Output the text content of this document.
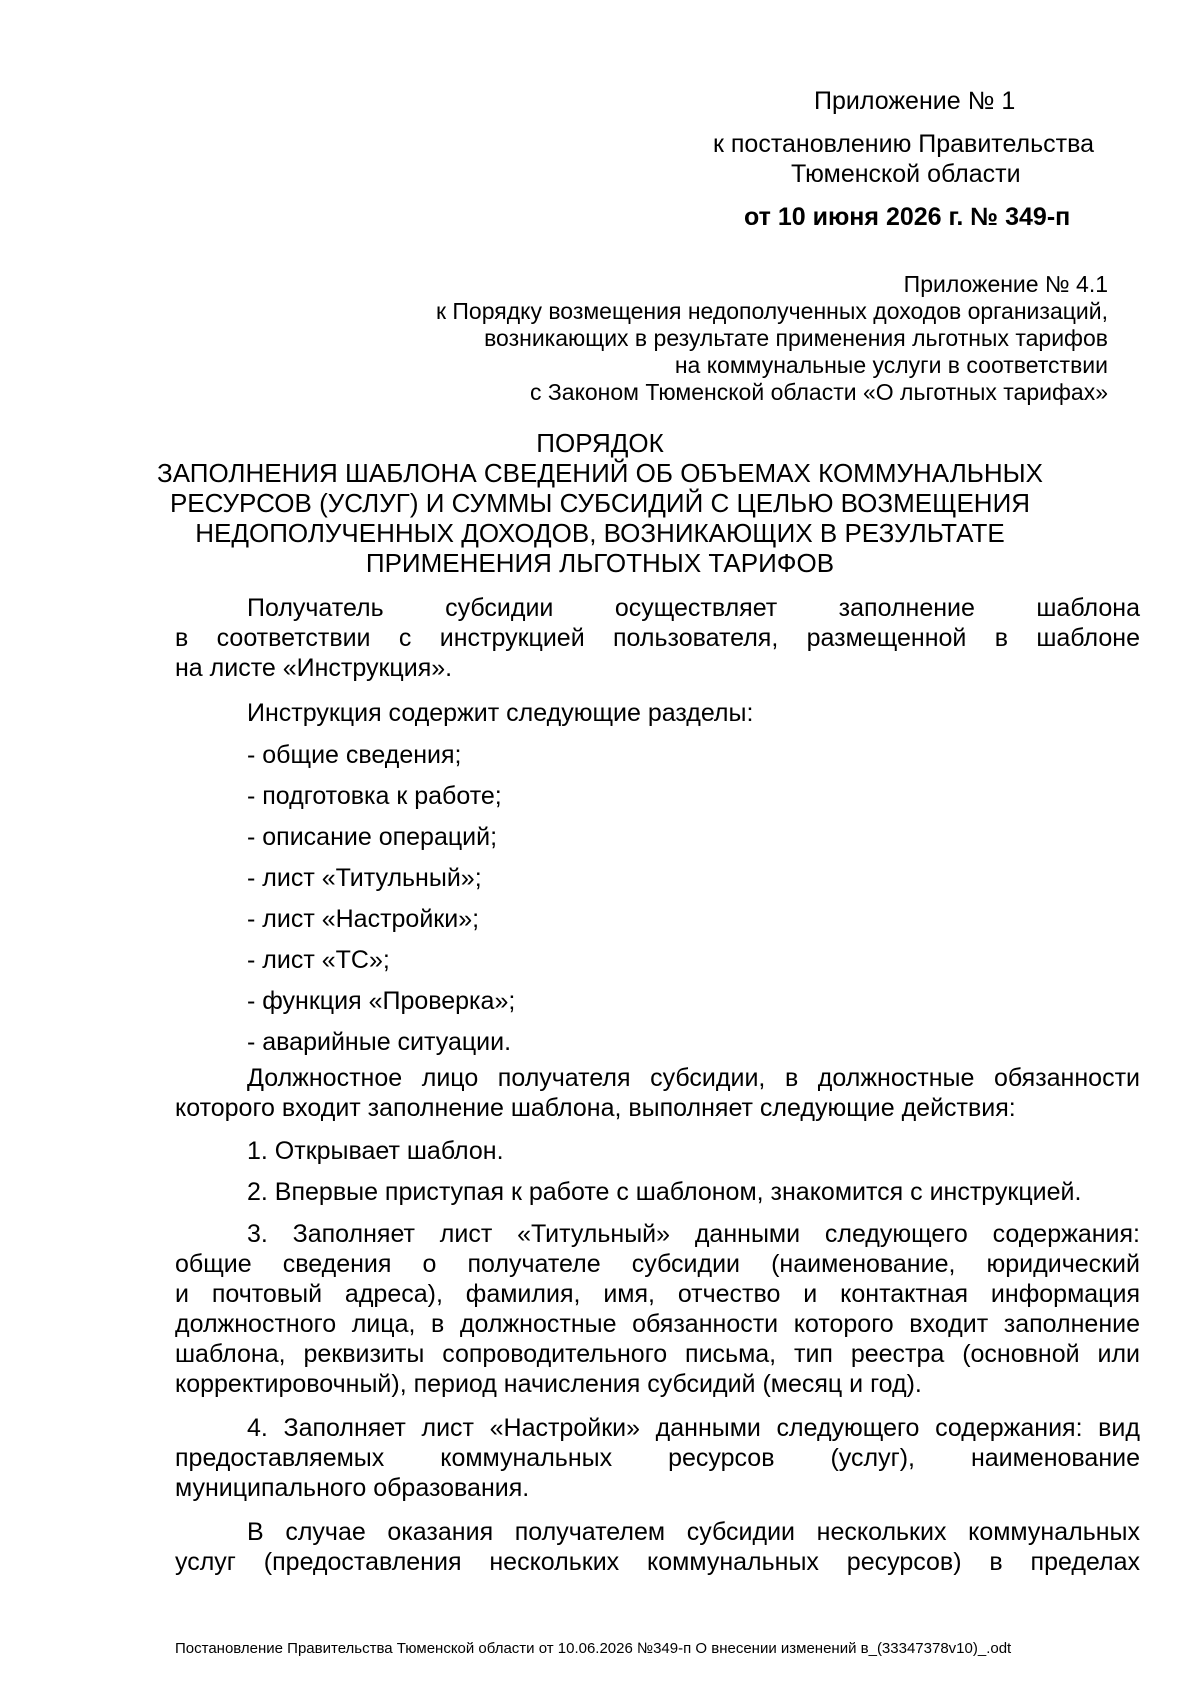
Приложение № 1
к постановлению Правительства
Тюменской области
от 10 июня 2026 г. № 349-п
Приложение № 4.1
к Порядку возмещения недополученных доходов организаций,
возникающих в результате применения льготных тарифов
на коммунальные услуги в соответствии
с Законом Тюменской области «О льготных тарифах»
ПОРЯДОК
ЗАПОЛНЕНИЯ ШАБЛОНА СВЕДЕНИЙ ОБ ОБЪЕМАХ КОММУНАЛЬНЫХ
РЕСУРСОВ (УСЛУГ) И СУММЫ СУБСИДИЙ С ЦЕЛЬЮ ВОЗМЕЩЕНИЯ
НЕДОПОЛУЧЕННЫХ ДОХОДОВ, ВОЗНИКАЮЩИХ В РЕЗУЛЬТАТЕ
ПРИМЕНЕНИЯ ЛЬГОТНЫХ ТАРИФОВ
Получатель субсидии осуществляет заполнение шаблона
в соответствии с инструкцией пользователя, размещенной в шаблоне
на листе «Инструкция».
Инструкция содержит следующие разделы:
- общие сведения;
- подготовка к работе;
- описание операций;
- лист «Титульный»;
- лист «Настройки»;
- лист «ТС»;
- функция «Проверка»;
- аварийные ситуации.
Должностное лицо получателя субсидии, в должностные обязанности
которого входит заполнение шаблона, выполняет следующие действия:
1. Открывает шаблон.
2. Впервые приступая к работе с шаблоном, знакомится с инструкцией.
3. Заполняет лист «Титульный» данными следующего содержания:
общие сведения о получателе субсидии (наименование, юридический
и почтовый адреса), фамилия, имя, отчество и контактная информация
должностного лица, в должностные обязанности которого входит заполнение
шаблона, реквизиты сопроводительного письма, тип реестра (основной или
корректировочный), период начисления субсидий (месяц и год).
4. Заполняет лист «Настройки» данными следующего содержания: вид
предоставляемых коммунальных ресурсов (услуг), наименование
муниципального образования.
В случае оказания получателем субсидии нескольких коммунальных
услуг (предоставления нескольких коммунальных ресурсов) в пределах
Постановление Правительства Тюменской области от 10.06.2026 №349-п О внесении изменений в_(33347378v10)_.odt
